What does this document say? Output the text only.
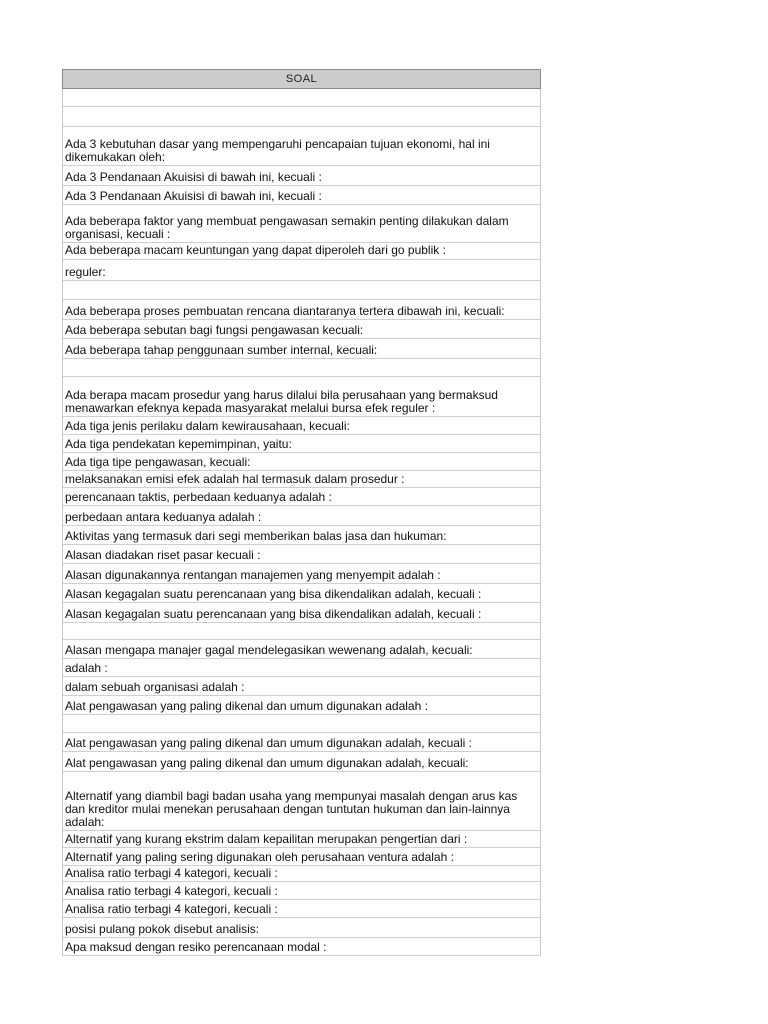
SOAL
Ada 3 kebutuhan dasar yang mempengaruhi pencapaian tujuan ekonomi, hal ini dikemukakan oleh:
Ada 3 Pendanaan Akuisisi di bawah ini, kecuali :
Ada 3 Pendanaan Akuisisi di bawah ini, kecuali :
Ada beberapa faktor yang membuat pengawasan semakin penting dilakukan dalam organisasi, kecuali :
Ada beberapa macam keuntungan yang dapat diperoleh dari go publik :
reguler:
Ada beberapa proses pembuatan rencana diantaranya tertera dibawah ini, kecuali:
Ada beberapa sebutan bagi fungsi pengawasan kecuali:
Ada beberapa tahap penggunaan sumber internal, kecuali:
Ada berapa macam prosedur yang harus dilalui bila perusahaan yang bermaksud menawarkan efeknya kepada masyarakat melalui bursa efek reguler :
Ada tiga jenis perilaku dalam kewirausahaan, kecuali:
Ada tiga pendekatan kepemimpinan, yaitu:
Ada tiga tipe pengawasan, kecuali:
melaksanakan emisi efek adalah hal termasuk dalam prosedur :
perencanaan taktis, perbedaan keduanya adalah :
perbedaan antara keduanya adalah :
Aktivitas yang termasuk dari segi memberikan balas jasa dan hukuman:
Alasan diadakan riset pasar kecuali :
Alasan digunakannya rentangan manajemen yang menyempit adalah :
Alasan kegagalan suatu perencanaan yang bisa dikendalikan adalah, kecuali :
Alasan kegagalan suatu perencanaan yang bisa dikendalikan adalah, kecuali :
Alasan mengapa manajer gagal mendelegasikan wewenang adalah, kecuali:
adalah :
dalam sebuah organisasi adalah :
Alat pengawasan yang paling dikenal dan umum digunakan adalah :
Alat pengawasan yang paling dikenal dan umum digunakan adalah, kecuali :
Alat pengawasan yang paling dikenal dan umum digunakan adalah, kecuali:
Alternatif yang diambil bagi badan usaha yang mempunyai masalah dengan arus kas dan kreditor mulai menekan perusahaan dengan tuntutan hukuman dan lain-lainnya adalah:
Alternatif yang kurang ekstrim dalam kepailitan merupakan pengertian dari :
Alternatif yang paling sering digunakan oleh perusahaan ventura adalah :
Analisa ratio terbagi 4 kategori, kecuali :
Analisa ratio terbagi 4 kategori, kecuali :
Analisa ratio terbagi 4 kategori, kecuali :
posisi pulang pokok disebut analisis:
Apa maksud dengan resiko perencanaan modal :
